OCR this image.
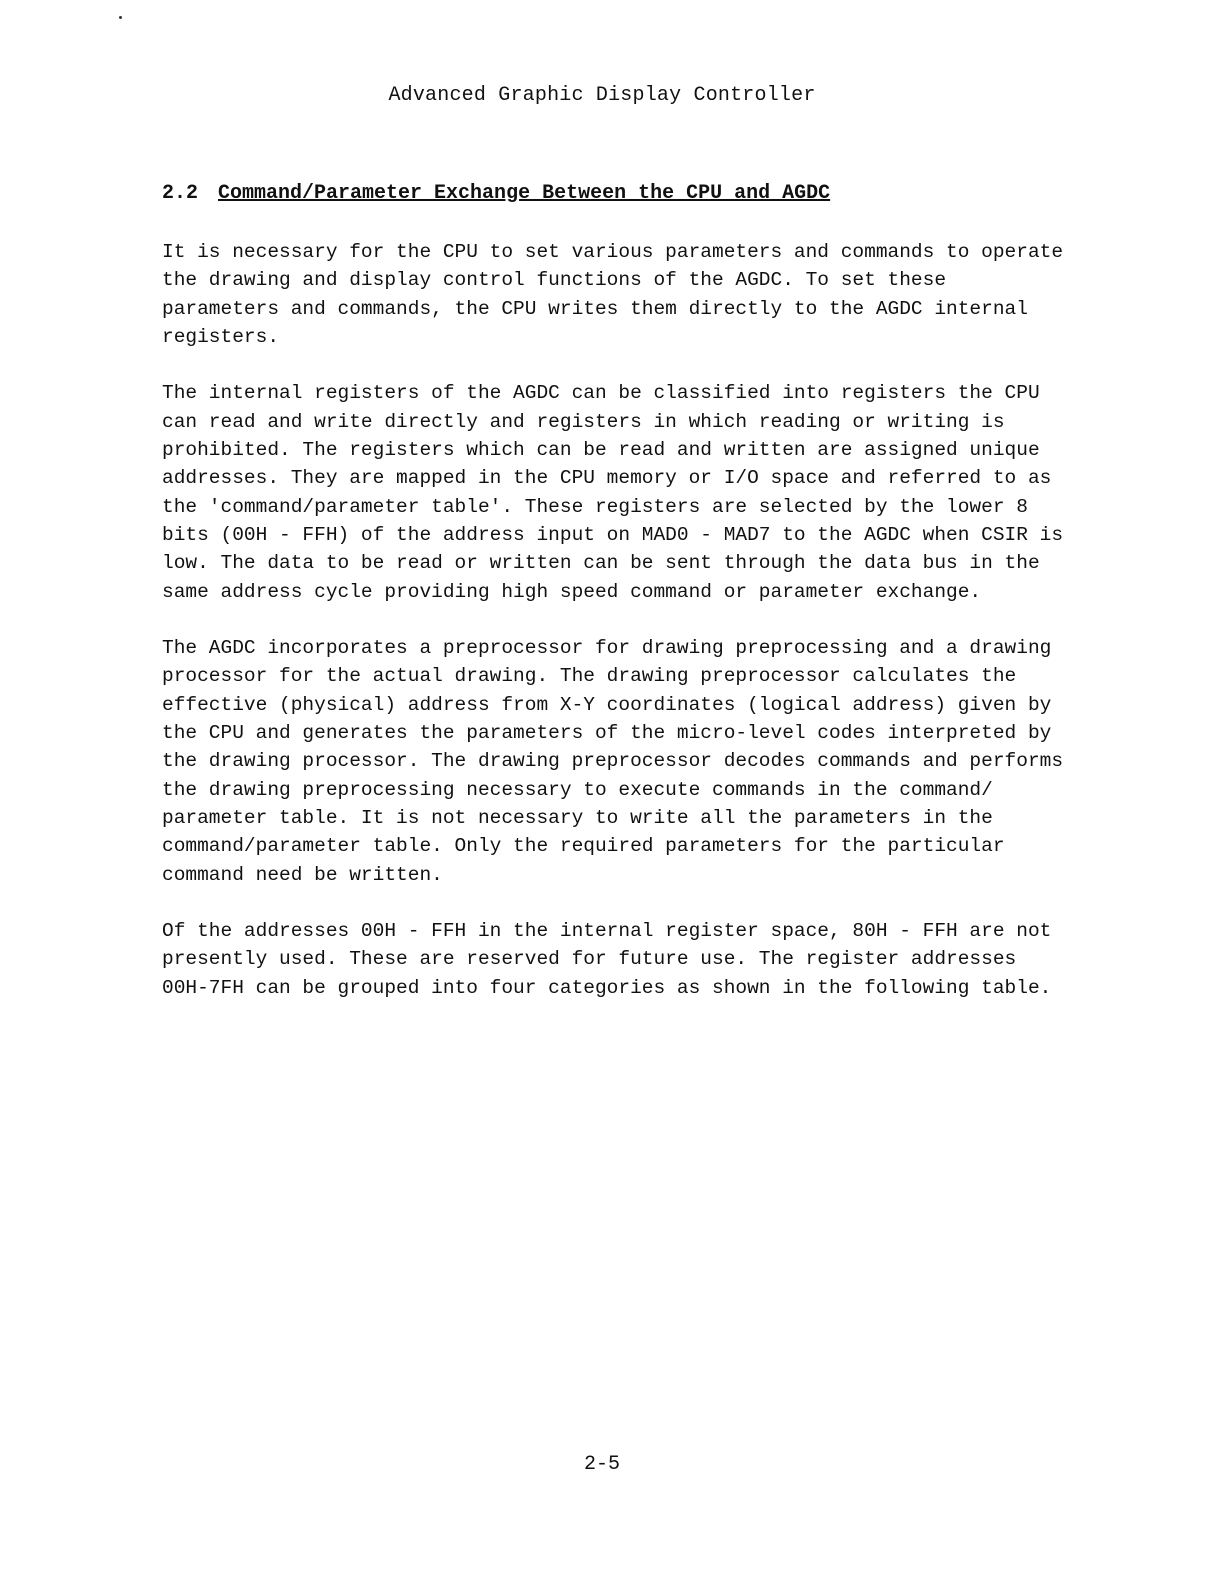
Advanced Graphic Display Controller
2.2 Command/Parameter Exchange Between the CPU and AGDC

It is necessary for the CPU to set various parameters and commands to operate the drawing and display control functions of the AGDC. To set these parameters and commands, the CPU writes them directly to the AGDC internal registers.

The internal registers of the AGDC can be classified into registers the CPU can read and write directly and registers in which reading or writing is prohibited. The registers which can be read and written are assigned unique addresses. They are mapped in the CPU memory or I/O space and referred to as the 'command/parameter table'. These registers are selected by the lower 8 bits (00H - FFH) of the address input on MAD0 - MAD7 to the AGDC when CSIR is low. The data to be read or written can be sent through the data bus in the same address cycle providing high speed command or parameter exchange.

The AGDC incorporates a preprocessor for drawing preprocessing and a drawing processor for the actual drawing. The drawing preprocessor calculates the effective (physical) address from X-Y coordinates (logical address) given by the CPU and generates the parameters of the micro-level codes interpreted by the drawing processor. The drawing preprocessor decodes commands and performs the drawing preprocessing necessary to execute commands in the command/ parameter table. It is not necessary to write all the parameters in the command/parameter table. Only the required parameters for the particular command need be written.

Of the addresses 00H - FFH in the internal register space, 80H - FFH are not presently used. These are reserved for future use. The register addresses 00H-7FH can be grouped into four categories as shown in the following table.

2-5
